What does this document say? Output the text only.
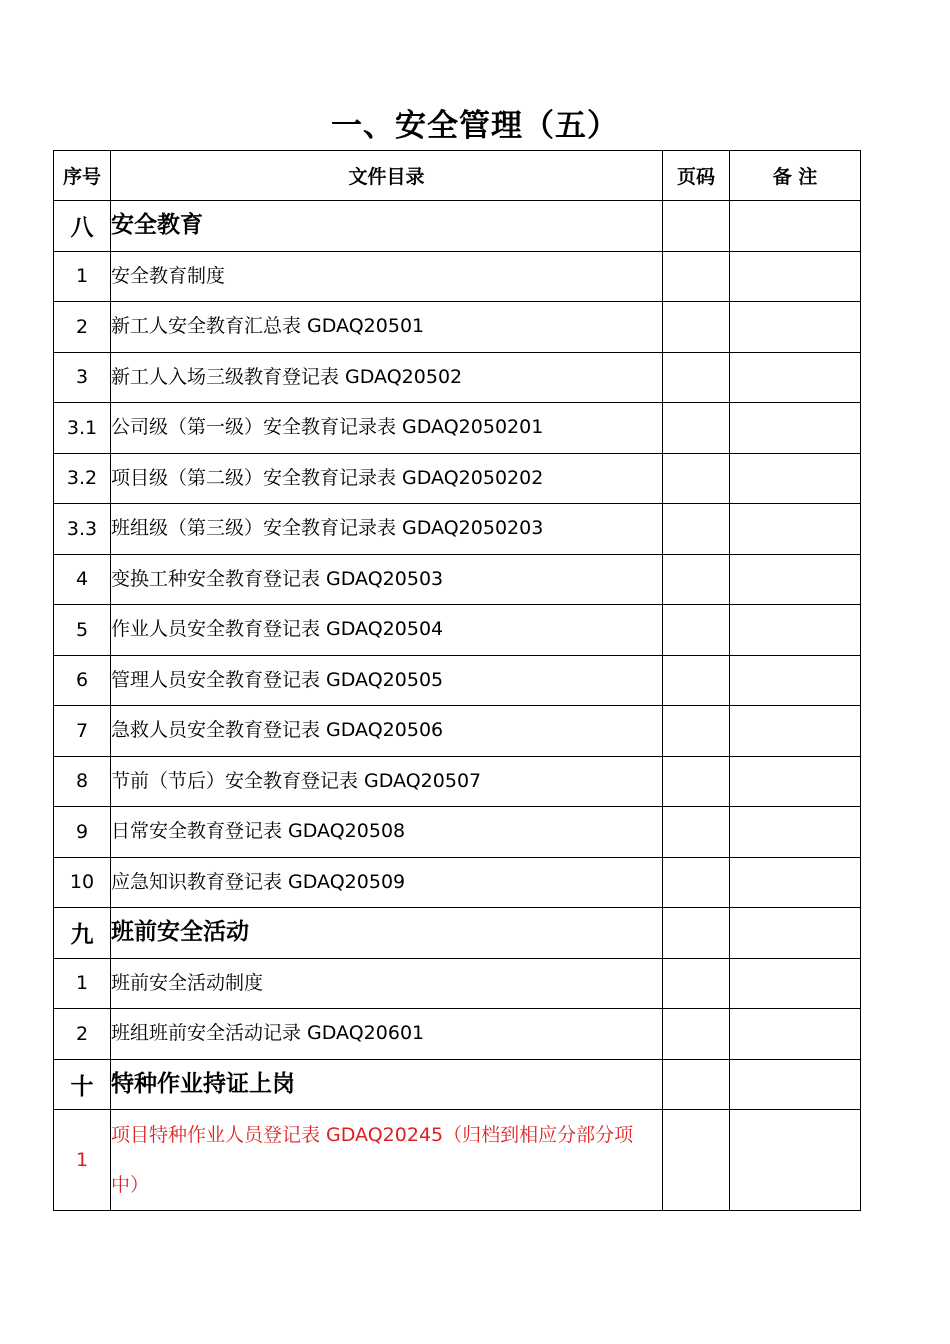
一、安全管理（五）
序号	文件目录	页码	备 注
八	安全教育		
1	安全教育制度		
2	新工人安全教育汇总表 GDAQ20501		
3	新工人入场三级教育登记表 GDAQ20502		
3.1	公司级（第一级）安全教育记录表 GDAQ2050201		
3.2	项目级（第二级）安全教育记录表 GDAQ2050202		
3.3	班组级（第三级）安全教育记录表 GDAQ2050203		
4	变换工种安全教育登记表 GDAQ20503		
5	作业人员安全教育登记表 GDAQ20504		
6	管理人员安全教育登记表 GDAQ20505		
7	急救人员安全教育登记表 GDAQ20506		
8	节前（节后）安全教育登记表 GDAQ20507		
9	日常安全教育登记表 GDAQ20508		
10	应急知识教育登记表 GDAQ20509		
九	班前安全活动		
1	班前安全活动制度		
2	班组班前安全活动记录 GDAQ20601		
十	特种作业持证上岗		
1	项目特种作业人员登记表 GDAQ20245（归档到相应分部分项中）		
